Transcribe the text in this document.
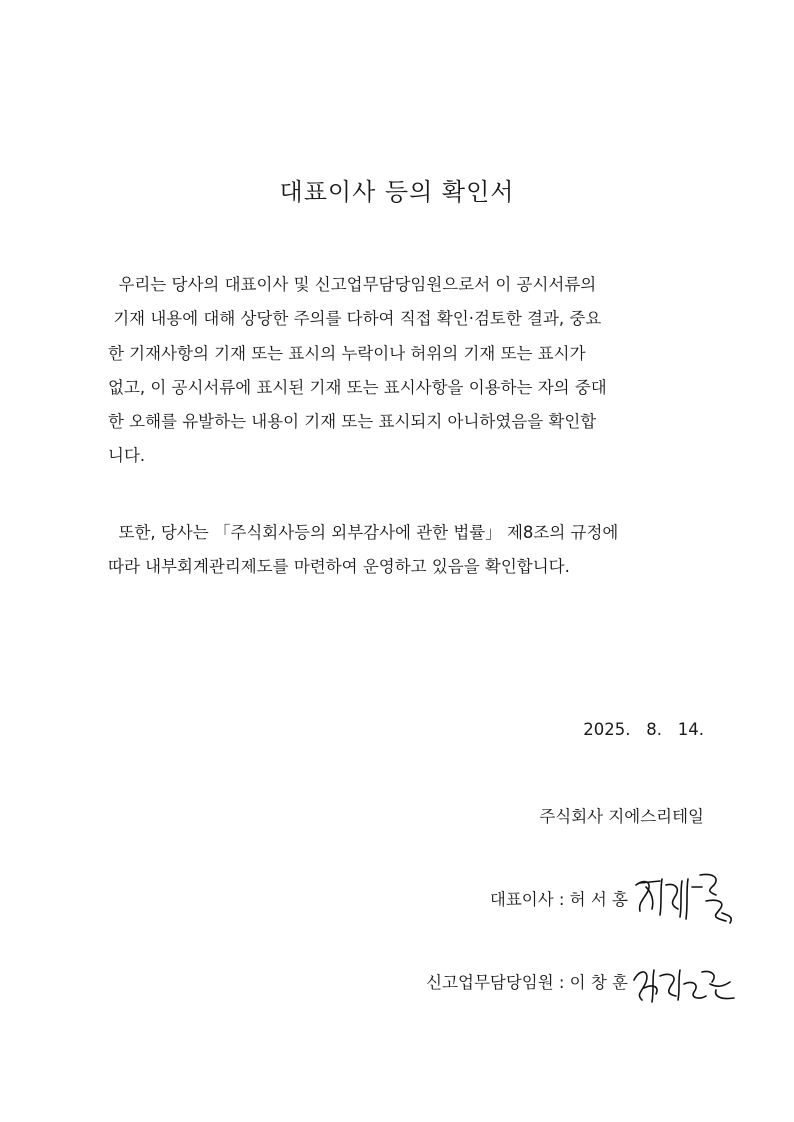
대표이사 등의 확인서
우리는 당사의 대표이사 및 신고업무담당임원으로서 이 공시서류의
기재 내용에 대해 상당한 주의를 다하여 직접 확인·검토한 결과, 중요
한 기재사항의 기재 또는 표시의 누락이나 허위의 기재 또는 표시가
없고, 이 공시서류에 표시된 기재 또는 표시사항을 이용하는 자의 중대
한 오해를 유발하는 내용이 기재 또는 표시되지 아니하였음을 확인합
니다.
또한, 당사는 「주식회사등의 외부감사에 관한 법률」 제8조의 규정에
따라 내부회계관리제도를 마련하여 운영하고 있음을 확인합니다.
2025.   8.   14.
주식회사 지에스리테일
대표이사 : 허 서 홍
신고업무담당임원 : 이 창 훈
